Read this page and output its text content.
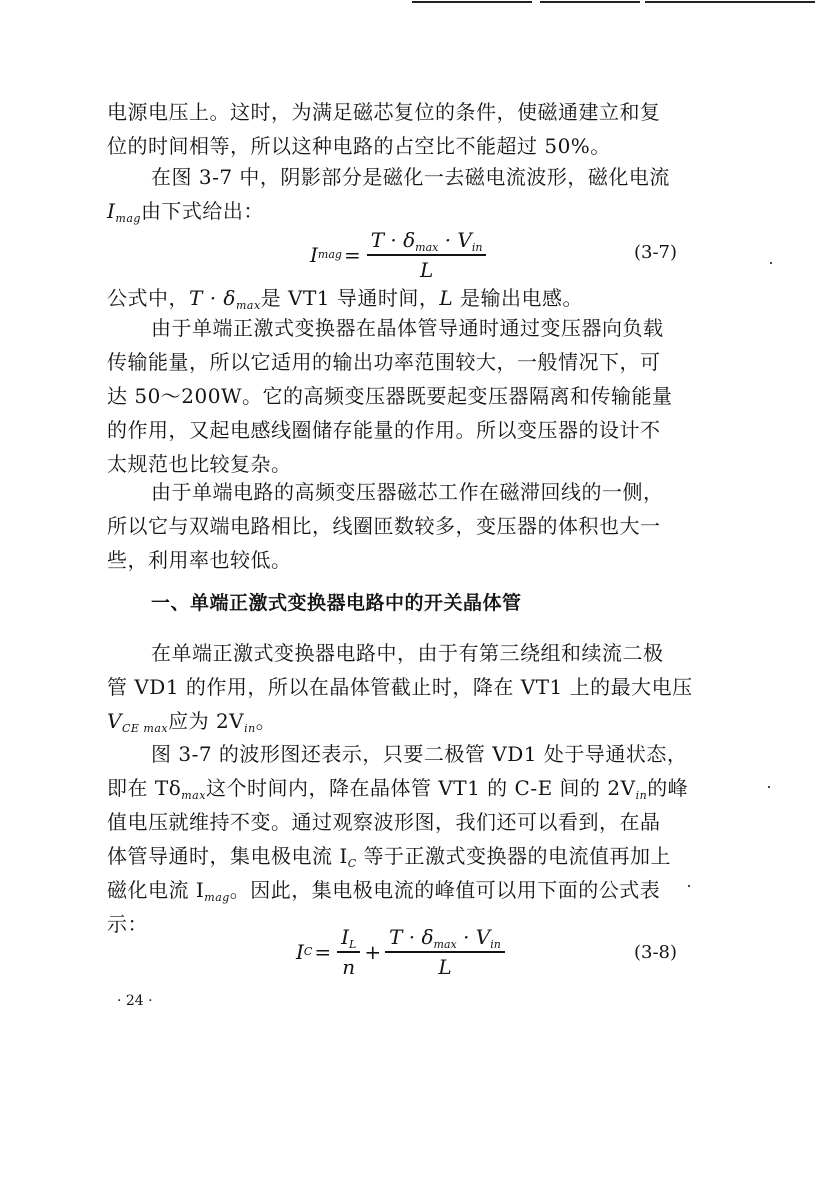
电源电压上。这时，为满足磁芯复位的条件，使磁通建立和复
位的时间相等，所以这种电路的占空比不能超过 50%。
在图 3-7 中，阴影部分是磁化一去磁电流波形，磁化电流
$I_{mag}$由下式给出：
I mag = $\frac{T \cdot \delta_{max} \cdot V_{in}}{L}$	(3-7)
公式中，$T \cdot \delta_{max}$是 VT1 导通时间，L 是输出电感。
由于单端正激式变换器在晶体管导通时通过变压器向负载
传输能量，所以它适用的输出功率范围较大，一般情况下，可
达 50～200W。它的高频变压器既要起变压器隔离和传输能量
的作用，又起电感线圈储存能量的作用。所以变压器的设计不
太规范也比较复杂。
由于单端电路的高频变压器磁芯工作在磁滞回线的一侧，
所以它与双端电路相比，线圈匝数较多，变压器的体积也大一
些，利用率也较低。
一、单端正激式变换器电路中的开关晶体管
在单端正激式变换器电路中，由于有第三绕组和续流二极
管 VD1 的作用，所以在晶体管截止时，降在 VT1 上的最大电压
$V_{CE max}$应为 $2V_{in}$。
图 3-7 的波形图还表示，只要二极管 VD1 处于导通状态，
即在 $T\delta_{max}$这个时间内，降在晶体管 VT1 的 C-E 间的 $2V_{in}$的峰
值电压就维持不变。通过观察波形图，我们还可以看到，在晶
体管导通时，集电极电流 $I_C$ 等于正激式变换器的电流值再加上
磁化电流 $I_{mag}$。因此，集电极电流的峰值可以用下面的公式表
示：
I $C = \frac{I_L}{n} + \frac{T \cdot \delta_{max} \cdot V_{in}}{L}$	(3-8)
· 24 ·
